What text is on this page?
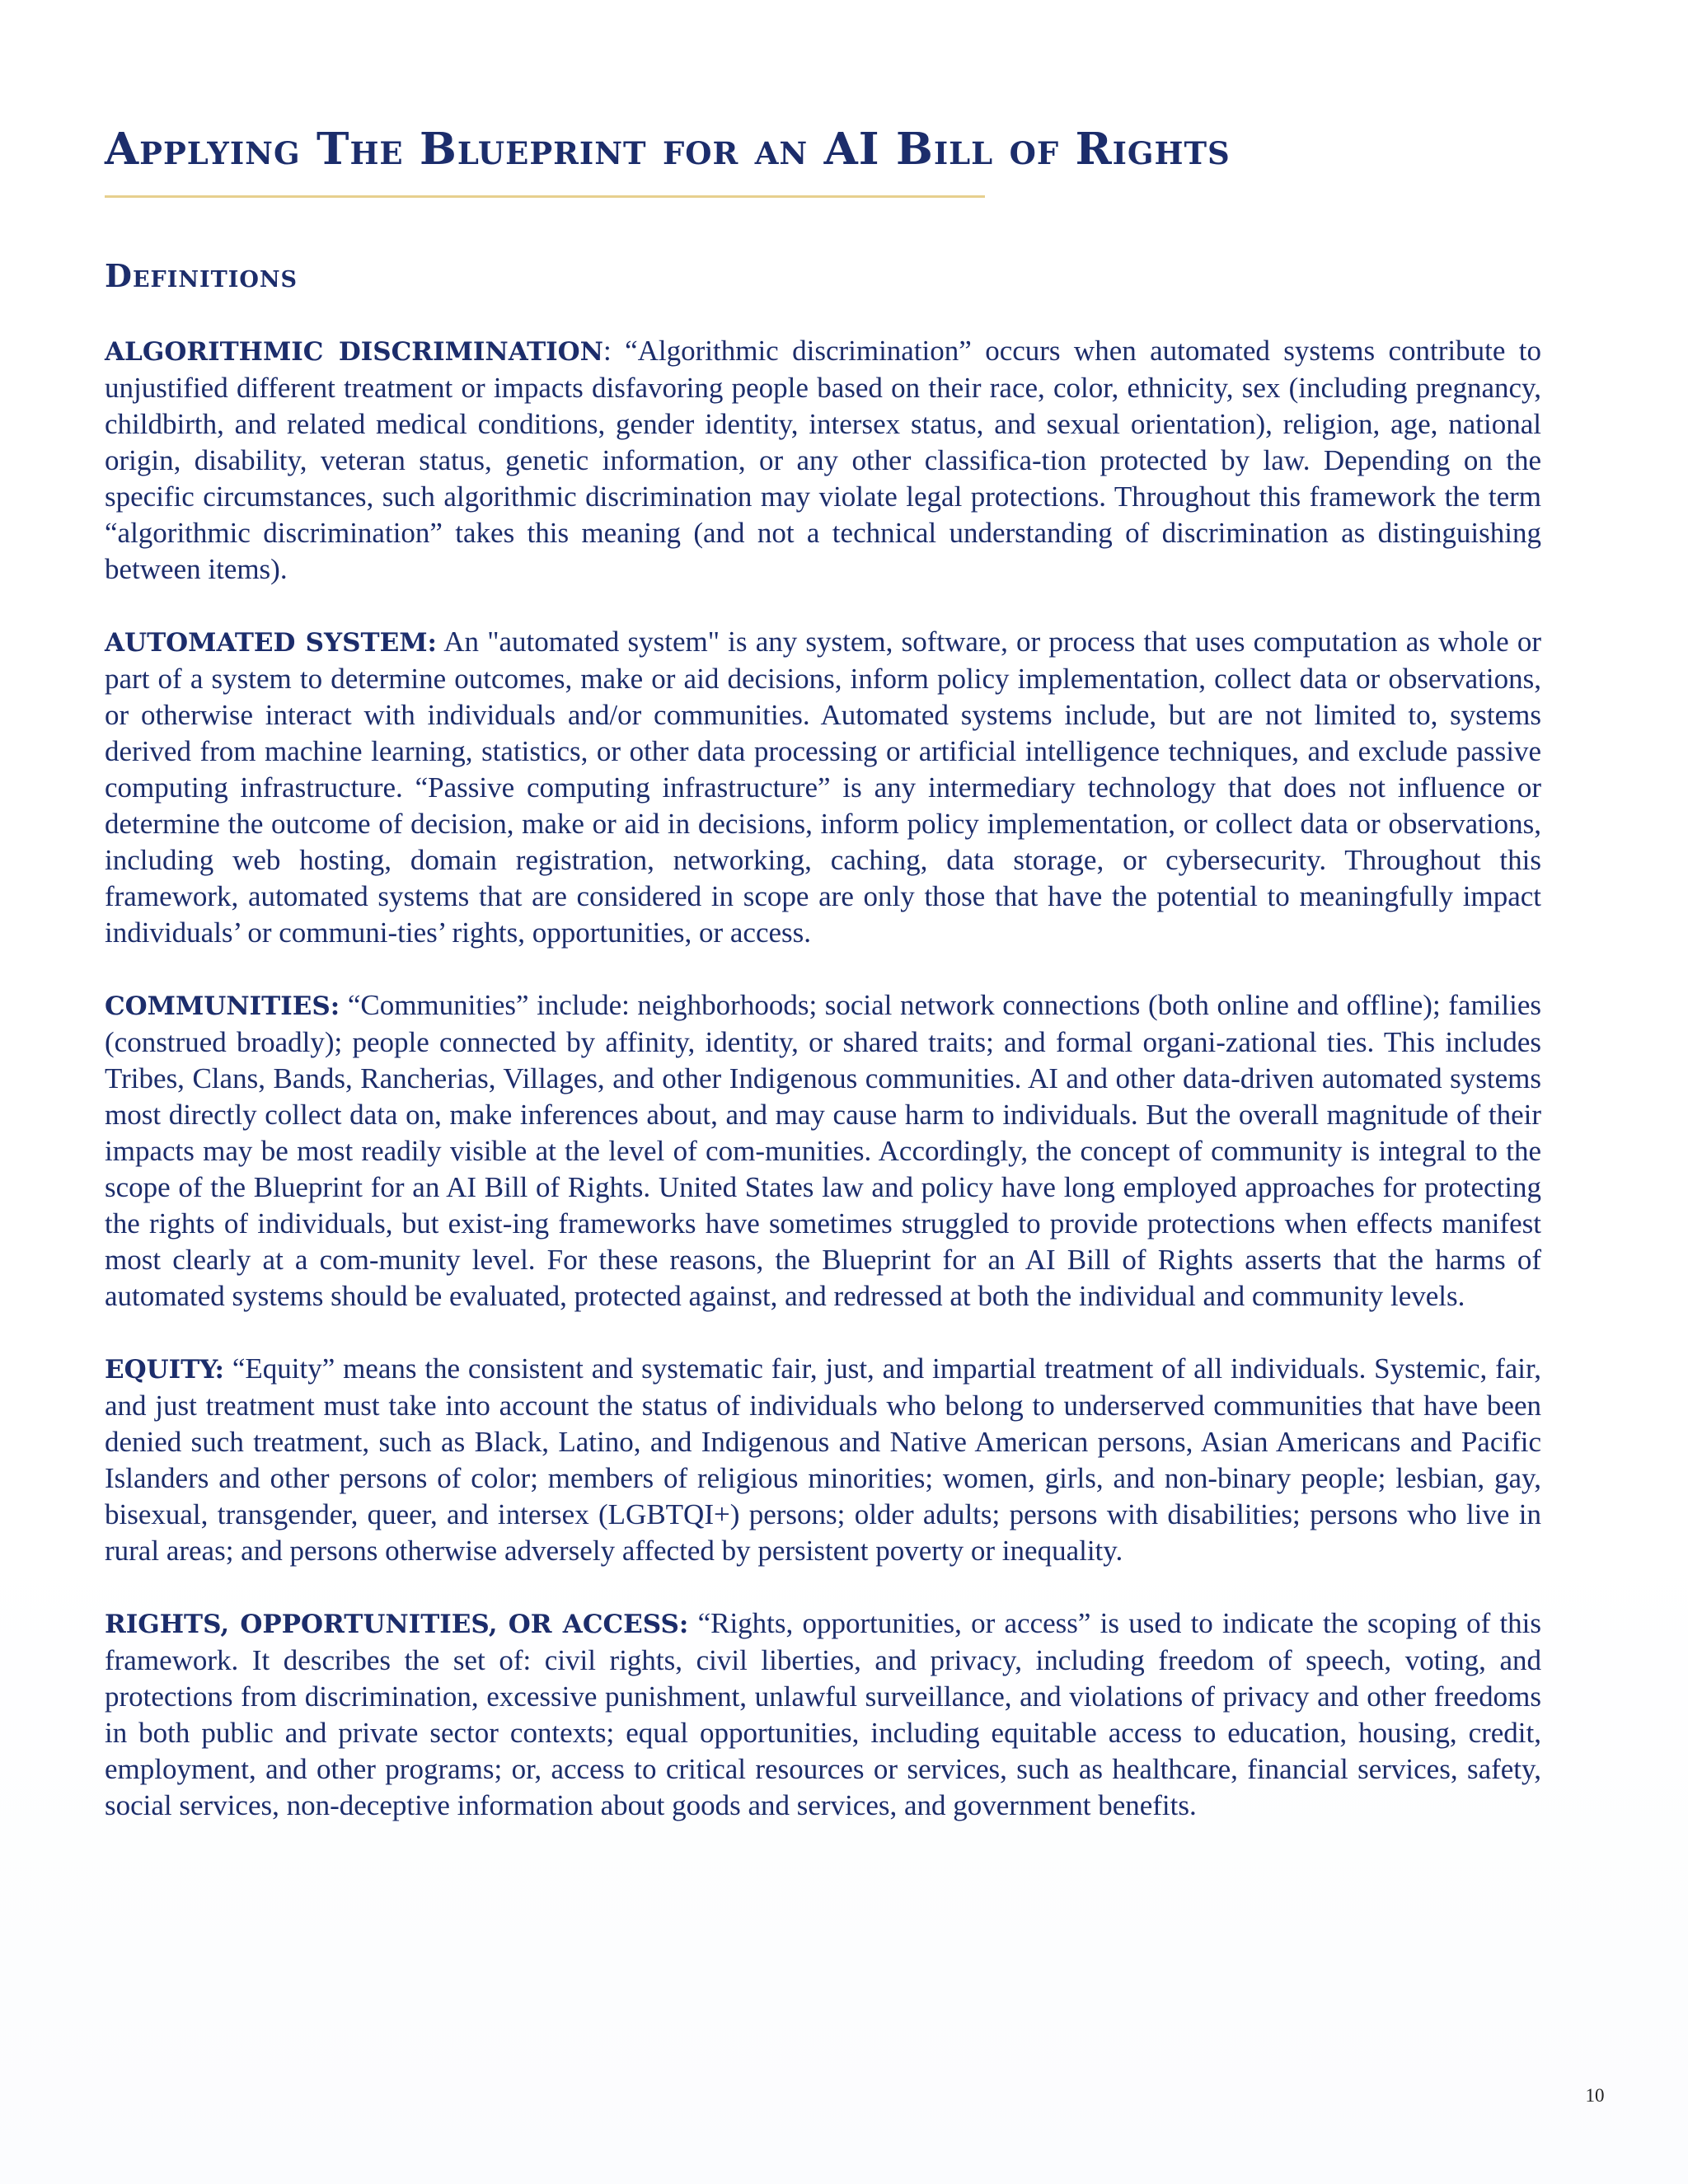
Applying The Blueprint for an AI Bill of Rights
Definitions

ALGORITHMIC DISCRIMINATION: “Algorithmic discrimination” occurs when automated systems contribute to unjustified different treatment or impacts disfavoring people based on their race, color, ethnicity, sex (including pregnancy, childbirth, and related medical conditions, gender identity, intersex status, and sexual orientation), religion, age, national origin, disability, veteran status, genetic information, or any other classifica-tion protected by law. Depending on the specific circumstances, such algorithmic discrimination may violate legal protections. Throughout this framework the term “algorithmic discrimination” takes this meaning (and not a technical understanding of discrimination as distinguishing between items).

AUTOMATED SYSTEM: An "automated system" is any system, software, or process that uses computation as whole or part of a system to determine outcomes, make or aid decisions, inform policy implementation, collect data or observations, or otherwise interact with individuals and/or communities. Automated systems include, but are not limited to, systems derived from machine learning, statistics, or other data processing or artificial intelligence techniques, and exclude passive computing infrastructure. “Passive computing infrastructure” is any intermediary technology that does not influence or determine the outcome of decision, make or aid in decisions, inform policy implementation, or collect data or observations, including web hosting, domain registration, networking, caching, data storage, or cybersecurity. Throughout this framework, automated systems that are considered in scope are only those that have the potential to meaningfully impact individuals’ or communi-ties’ rights, opportunities, or access.

COMMUNITIES: “Communities” include: neighborhoods; social network connections (both online and offline); families (construed broadly); people connected by affinity, identity, or shared traits; and formal organi-zational ties. This includes Tribes, Clans, Bands, Rancherias, Villages, and other Indigenous communities. AI and other data-driven automated systems most directly collect data on, make inferences about, and may cause harm to individuals. But the overall magnitude of their impacts may be most readily visible at the level of com-munities. Accordingly, the concept of community is integral to the scope of the Blueprint for an AI Bill of Rights. United States law and policy have long employed approaches for protecting the rights of individuals, but exist-ing frameworks have sometimes struggled to provide protections when effects manifest most clearly at a com-munity level. For these reasons, the Blueprint for an AI Bill of Rights asserts that the harms of automated systems should be evaluated, protected against, and redressed at both the individual and community levels.

EQUITY: “Equity” means the consistent and systematic fair, just, and impartial treatment of all individuals. Systemic, fair, and just treatment must take into account the status of individuals who belong to underserved communities that have been denied such treatment, such as Black, Latino, and Indigenous and Native American persons, Asian Americans and Pacific Islanders and other persons of color; members of religious minorities; women, girls, and non-binary people; lesbian, gay, bisexual, transgender, queer, and intersex (LGBTQI+) persons; older adults; persons with disabilities; persons who live in rural areas; and persons otherwise adversely affected by persistent poverty or inequality.

RIGHTS, OPPORTUNITIES, OR ACCESS: “Rights, opportunities, or access” is used to indicate the scoping of this framework. It describes the set of: civil rights, civil liberties, and privacy, including freedom of speech, voting, and protections from discrimination, excessive punishment, unlawful surveillance, and violations of privacy and other freedoms in both public and private sector contexts; equal opportunities, including equitable access to education, housing, credit, employment, and other programs; or, access to critical resources or services, such as healthcare, financial services, safety, social services, non-deceptive information about goods and services, and government benefits.

10
